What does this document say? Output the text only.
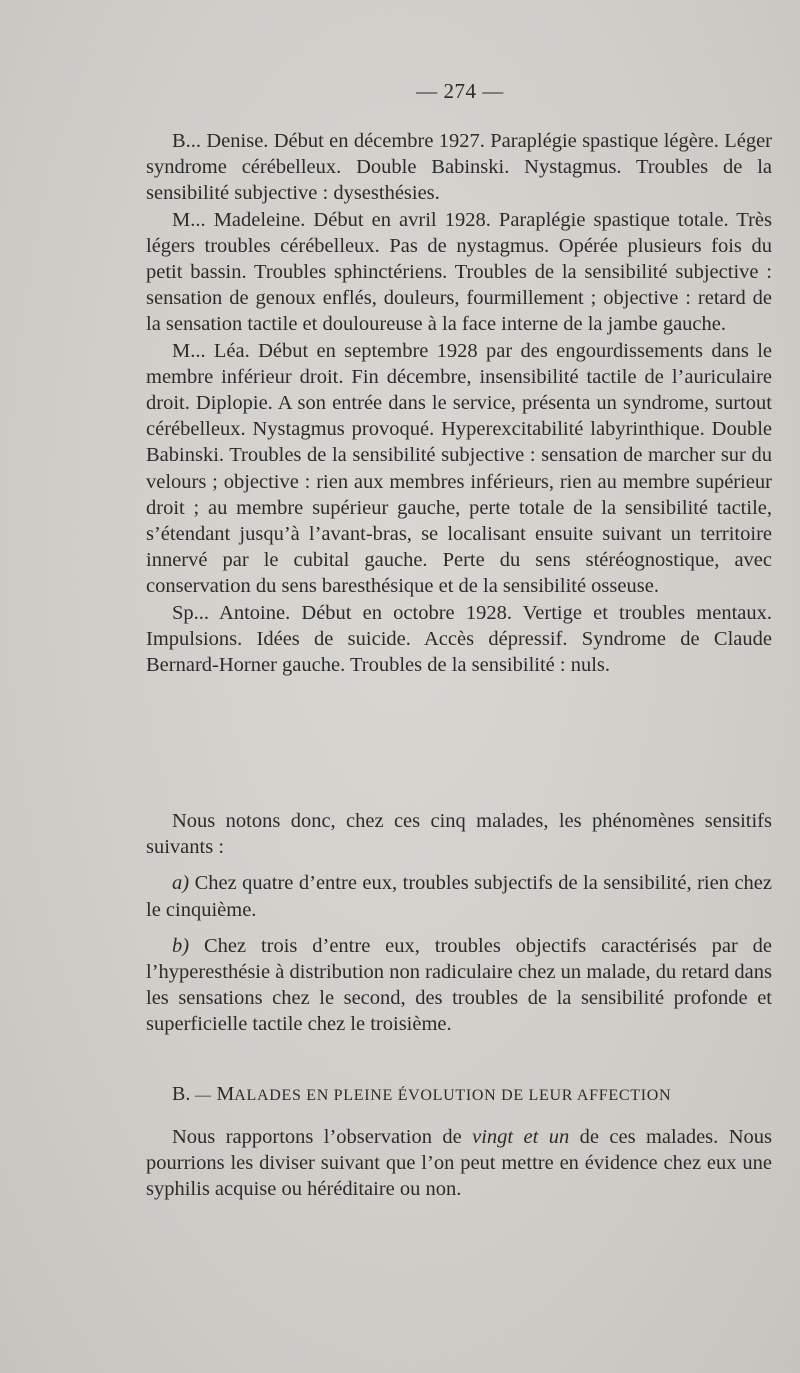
— 274 —

B... Denise. Début en décembre 1927. Paraplégie spastique légère. Léger syndrome cérébelleux. Double Babinski. Nystagmus. Troubles de la sensibilité subjective : dysesthésies.

M... Madeleine. Début en avril 1928. Paraplégie spastique totale. Très légers troubles cérébelleux. Pas de nystagmus. Opérée plusieurs fois du petit bassin. Troubles sphinctériens. Troubles de la sensibilité subjective : sensation de genoux enflés, douleurs, fourmillement ; objective : retard de la sensation tactile et douloureuse à la face interne de la jambe gauche.

M... Léa. Début en septembre 1928 par des engourdissements dans le membre inférieur droit. Fin décembre, insensibilité tactile de l’auriculaire droit. Diplopie. A son entrée dans le service, présenta un syndrome, surtout cérébelleux. Nystagmus provoqué. Hyperexcitabilité labyrinthique. Double Babinski. Troubles de la sensibilité subjective : sensation de marcher sur du velours ; objective : rien aux membres inférieurs, rien au membre supérieur droit ; au membre supérieur gauche, perte totale de la sensibilité tactile, s’étendant jusqu’à l’avant-bras, se localisant ensuite suivant un territoire innervé par le cubital gauche. Perte du sens stéréognostique, avec conservation du sens baresthésique et de la sensibilité osseuse.

Sp... Antoine. Début en octobre 1928. Vertige et troubles mentaux. Impulsions. Idées de suicide. Accès dépressif. Syndrome de Claude Bernard-Horner gauche. Troubles de la sensibilité : nuls.

Nous notons donc, chez ces cinq malades, les phénomènes sensitifs suivants :

a) Chez quatre d’entre eux, troubles subjectifs de la sensibilité, rien chez le cinquième.

b) Chez trois d’entre eux, troubles objectifs caractérisés par de l’hyperesthésie à distribution non radiculaire chez un malade, du retard dans les sensations chez le second, des troubles de la sensibilité profonde et superficielle tactile chez le troisième.

B. — MALADES EN PLEINE ÉVOLUTION DE LEUR AFFECTION

Nous rapportons l’observation de vingt et un de ces malades. Nous pourrions les diviser suivant que l’on peut mettre en évidence chez eux une syphilis acquise ou héréditaire ou non.
